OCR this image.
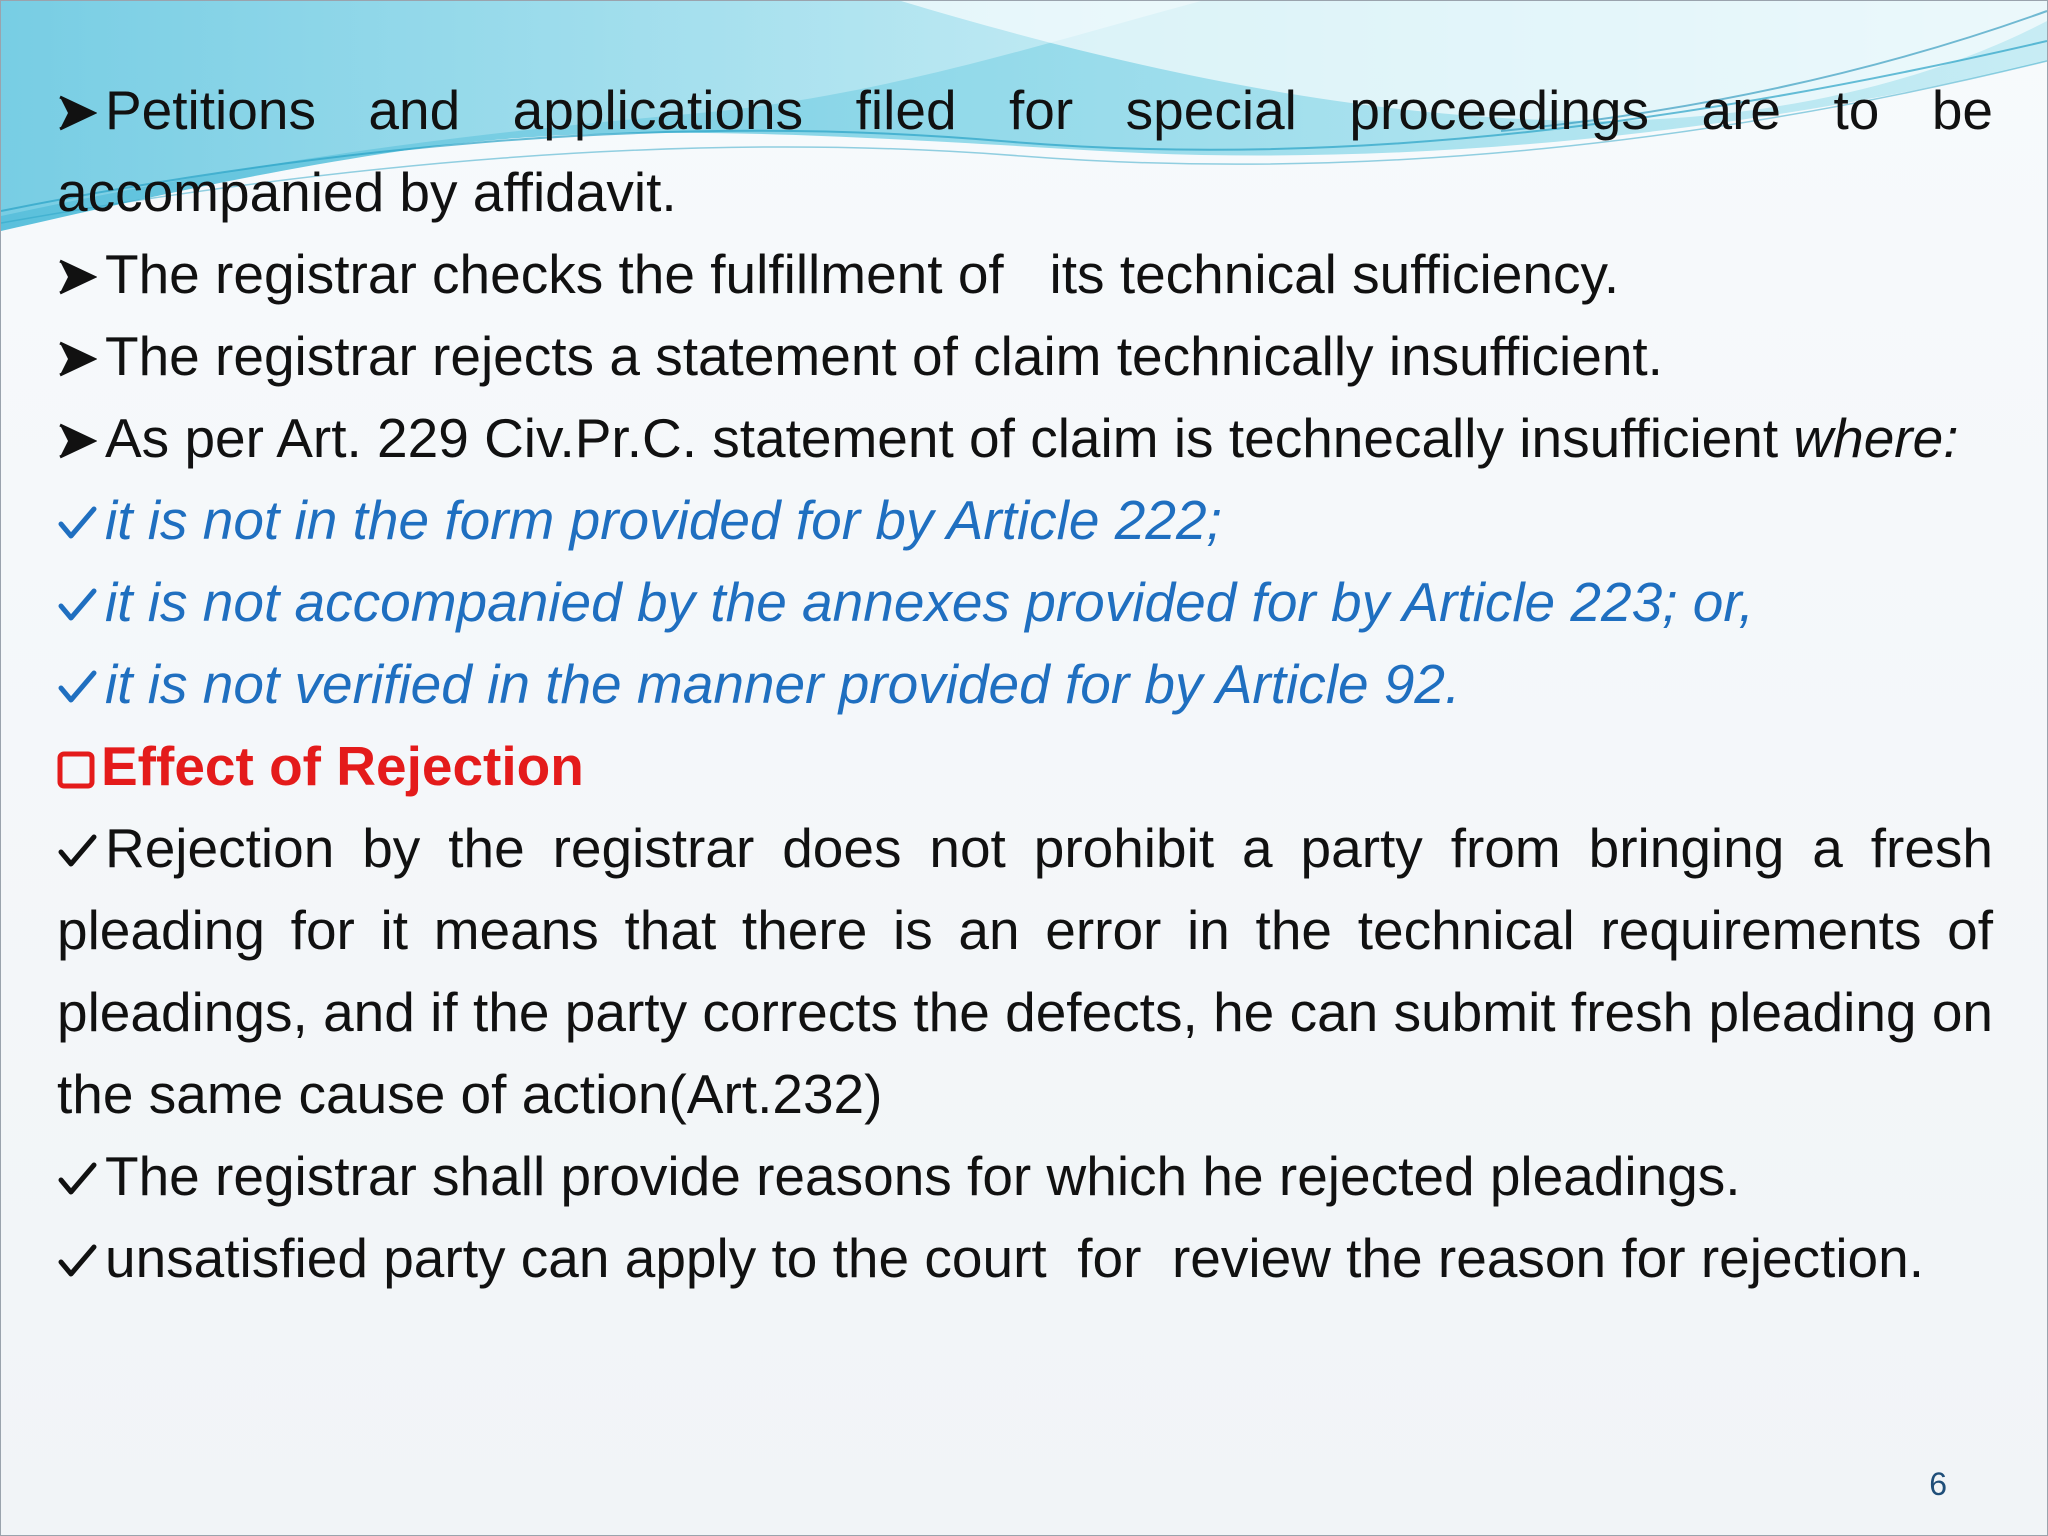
Petitions and applications filed for special proceedings are to be accompanied by affidavit.

The registrar checks the fulfillment of   its technical sufficiency.

The registrar rejects a statement of claim technically insufficient.

As per Art. 229 Civ.Pr.C. statement of claim is technecally insufficient where:

it is not in the form provided for by Article 222;

it is not accompanied by the annexes provided for by Article 223; or,

it is not verified in the manner provided for by Article 92.

Effect of Rejection

Rejection by the registrar does not prohibit a party from bringing a fresh pleading for it means that there is an error in the technical requirements of pleadings, and if the party corrects the defects, he can submit fresh pleading on the same cause of action(Art.232)

The registrar shall provide reasons for which he rejected pleadings.

unsatisfied party can apply to the court  for  review the reason for rejection.

6
